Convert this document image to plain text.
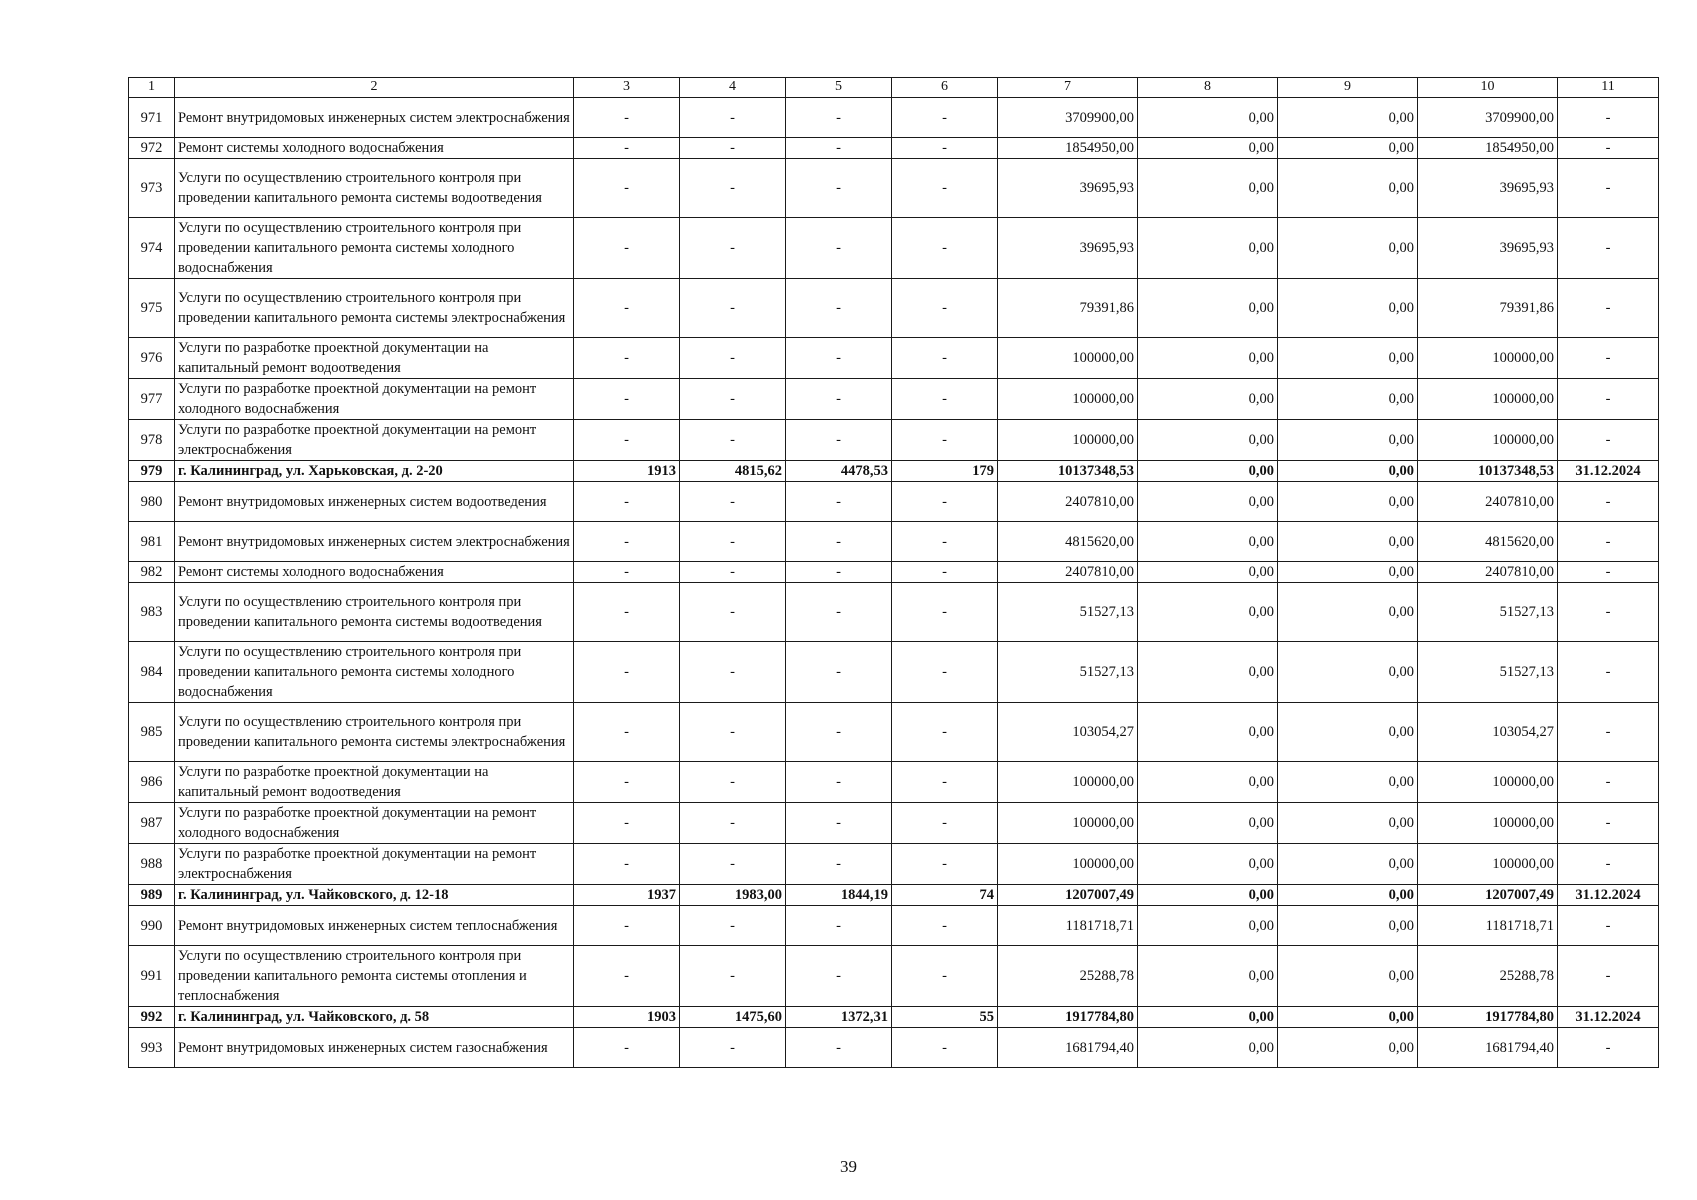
1	2	3	4	5	6	7	8	9	10	11
971	Ремонт внутридомовых инженерных систем электроснабжения	-	-	-	-	3709900,00	0,00	0,00	3709900,00	-
972	Ремонт системы холодного водоснабжения	-	-	-	-	1854950,00	0,00	0,00	1854950,00	-
973	Услуги по осуществлению строительного контроля при проведении капитального ремонта системы водоотведения	-	-	-	-	39695,93	0,00	0,00	39695,93	-
974	Услуги по осуществлению строительного контроля при проведении капитального ремонта системы холодного водоснабжения	-	-	-	-	39695,93	0,00	0,00	39695,93	-
975	Услуги по осуществлению строительного контроля при проведении капитального ремонта системы электроснабжения	-	-	-	-	79391,86	0,00	0,00	79391,86	-
976	Услуги по разработке проектной документации на капитальный ремонт водоотведения	-	-	-	-	100000,00	0,00	0,00	100000,00	-
977	Услуги по разработке проектной документации на ремонт холодного водоснабжения	-	-	-	-	100000,00	0,00	0,00	100000,00	-
978	Услуги по разработке проектной документации на ремонт электроснабжения	-	-	-	-	100000,00	0,00	0,00	100000,00	-
979	г. Калининград, ул. Харьковская, д. 2-20	1913	4815,62	4478,53	179	10137348,53	0,00	0,00	10137348,53	31.12.2024
980	Ремонт внутридомовых инженерных систем водоотведения	-	-	-	-	2407810,00	0,00	0,00	2407810,00	-
981	Ремонт внутридомовых инженерных систем электроснабжения	-	-	-	-	4815620,00	0,00	0,00	4815620,00	-
982	Ремонт системы холодного водоснабжения	-	-	-	-	2407810,00	0,00	0,00	2407810,00	-
983	Услуги по осуществлению строительного контроля при проведении капитального ремонта системы водоотведения	-	-	-	-	51527,13	0,00	0,00	51527,13	-
984	Услуги по осуществлению строительного контроля при проведении капитального ремонта системы холодного водоснабжения	-	-	-	-	51527,13	0,00	0,00	51527,13	-
985	Услуги по осуществлению строительного контроля при проведении капитального ремонта системы электроснабжения	-	-	-	-	103054,27	0,00	0,00	103054,27	-
986	Услуги по разработке проектной документации на капитальный ремонт водоотведения	-	-	-	-	100000,00	0,00	0,00	100000,00	-
987	Услуги по разработке проектной документации на ремонт холодного водоснабжения	-	-	-	-	100000,00	0,00	0,00	100000,00	-
988	Услуги по разработке проектной документации на ремонт электроснабжения	-	-	-	-	100000,00	0,00	0,00	100000,00	-
989	г. Калининград, ул. Чайковского, д. 12-18	1937	1983,00	1844,19	74	1207007,49	0,00	0,00	1207007,49	31.12.2024
990	Ремонт внутридомовых инженерных систем теплоснабжения	-	-	-	-	1181718,71	0,00	0,00	1181718,71	-
991	Услуги по осуществлению строительного контроля при проведении капитального ремонта системы отопления и теплоснабжения	-	-	-	-	25288,78	0,00	0,00	25288,78	-
992	г. Калининград, ул. Чайковского, д. 58	1903	1475,60	1372,31	55	1917784,80	0,00	0,00	1917784,80	31.12.2024
993	Ремонт внутридомовых инженерных систем газоснабжения	-	-	-	-	1681794,40	0,00	0,00	1681794,40	-
39
